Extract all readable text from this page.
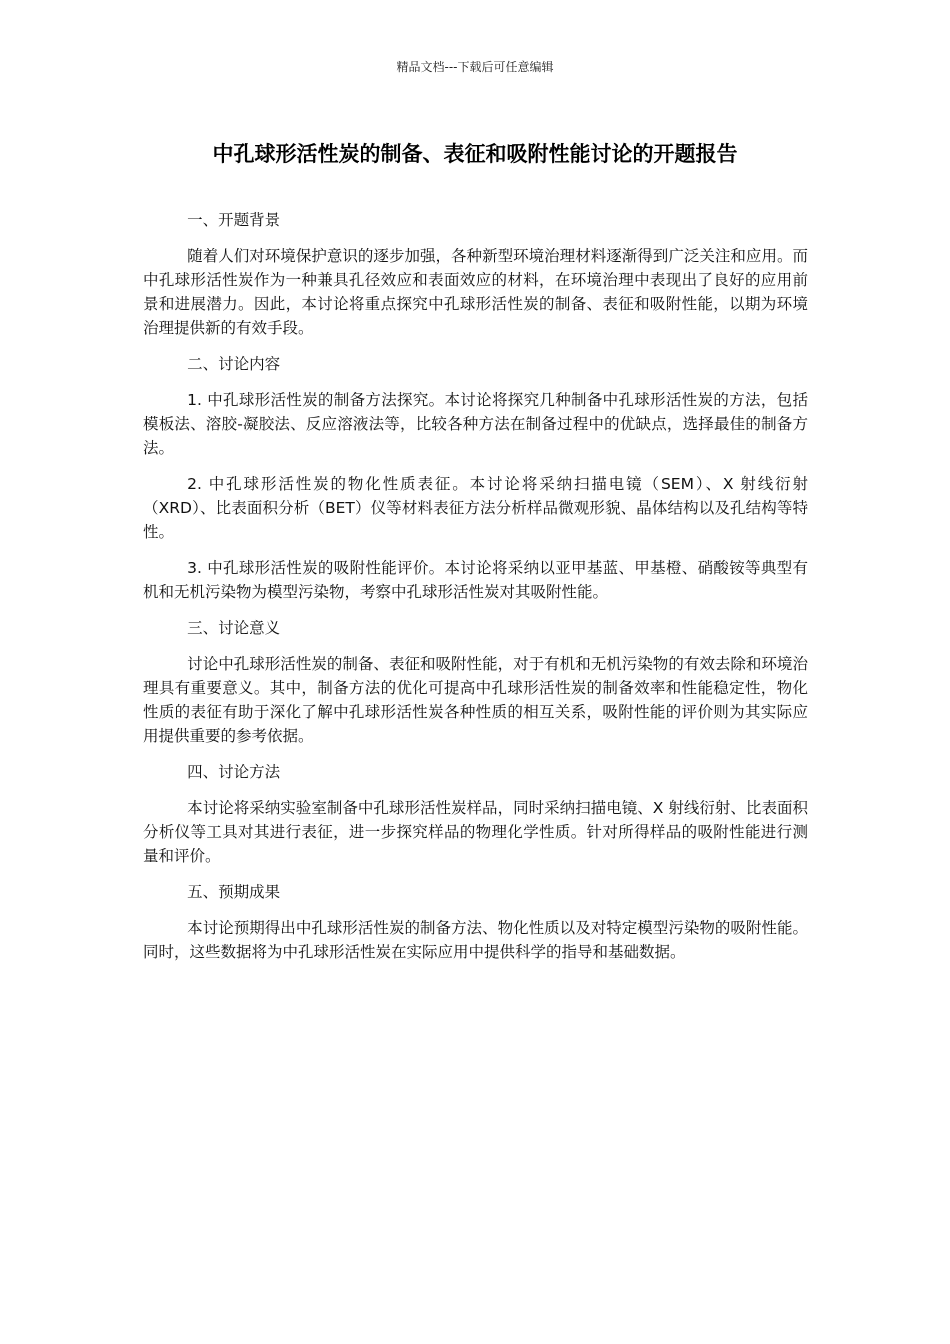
精品文档---下载后可任意编辑
中孔球形活性炭的制备、表征和吸附性能讨论的开题报告

一、开题背景

随着人们对环境保护意识的逐步加强，各种新型环境治理材料逐渐得到广泛关注和应用。而中孔球形活性炭作为一种兼具孔径效应和表面效应的材料，在环境治理中表现出了良好的应用前景和进展潜力。因此，本讨论将重点探究中孔球形活性炭的制备、表征和吸附性能，以期为环境治理提供新的有效手段。

二、讨论内容

1. 中孔球形活性炭的制备方法探究。本讨论将探究几种制备中孔球形活性炭的方法，包括模板法、溶胶-凝胶法、反应溶液法等，比较各种方法在制备过程中的优缺点，选择最佳的制备方法。

2. 中孔球形活性炭的物化性质表征。本讨论将采纳扫描电镜（SEM）、X 射线衍射（XRD）、比表面积分析（BET）仪等材料表征方法分析样品微观形貌、晶体结构以及孔结构等特性。

3. 中孔球形活性炭的吸附性能评价。本讨论将采纳以亚甲基蓝、甲基橙、硝酸铵等典型有机和无机污染物为模型污染物，考察中孔球形活性炭对其吸附性能。

三、讨论意义

讨论中孔球形活性炭的制备、表征和吸附性能，对于有机和无机污染物的有效去除和环境治理具有重要意义。其中，制备方法的优化可提高中孔球形活性炭的制备效率和性能稳定性，物化性质的表征有助于深化了解中孔球形活性炭各种性质的相互关系，吸附性能的评价则为其实际应用提供重要的参考依据。

四、讨论方法

本讨论将采纳实验室制备中孔球形活性炭样品，同时采纳扫描电镜、X 射线衍射、比表面积分析仪等工具对其进行表征，进一步探究样品的物理化学性质。针对所得样品的吸附性能进行测量和评价。

五、预期成果

本讨论预期得出中孔球形活性炭的制备方法、物化性质以及对特定模型污染物的吸附性能。同时，这些数据将为中孔球形活性炭在实际应用中提供科学的指导和基础数据。
